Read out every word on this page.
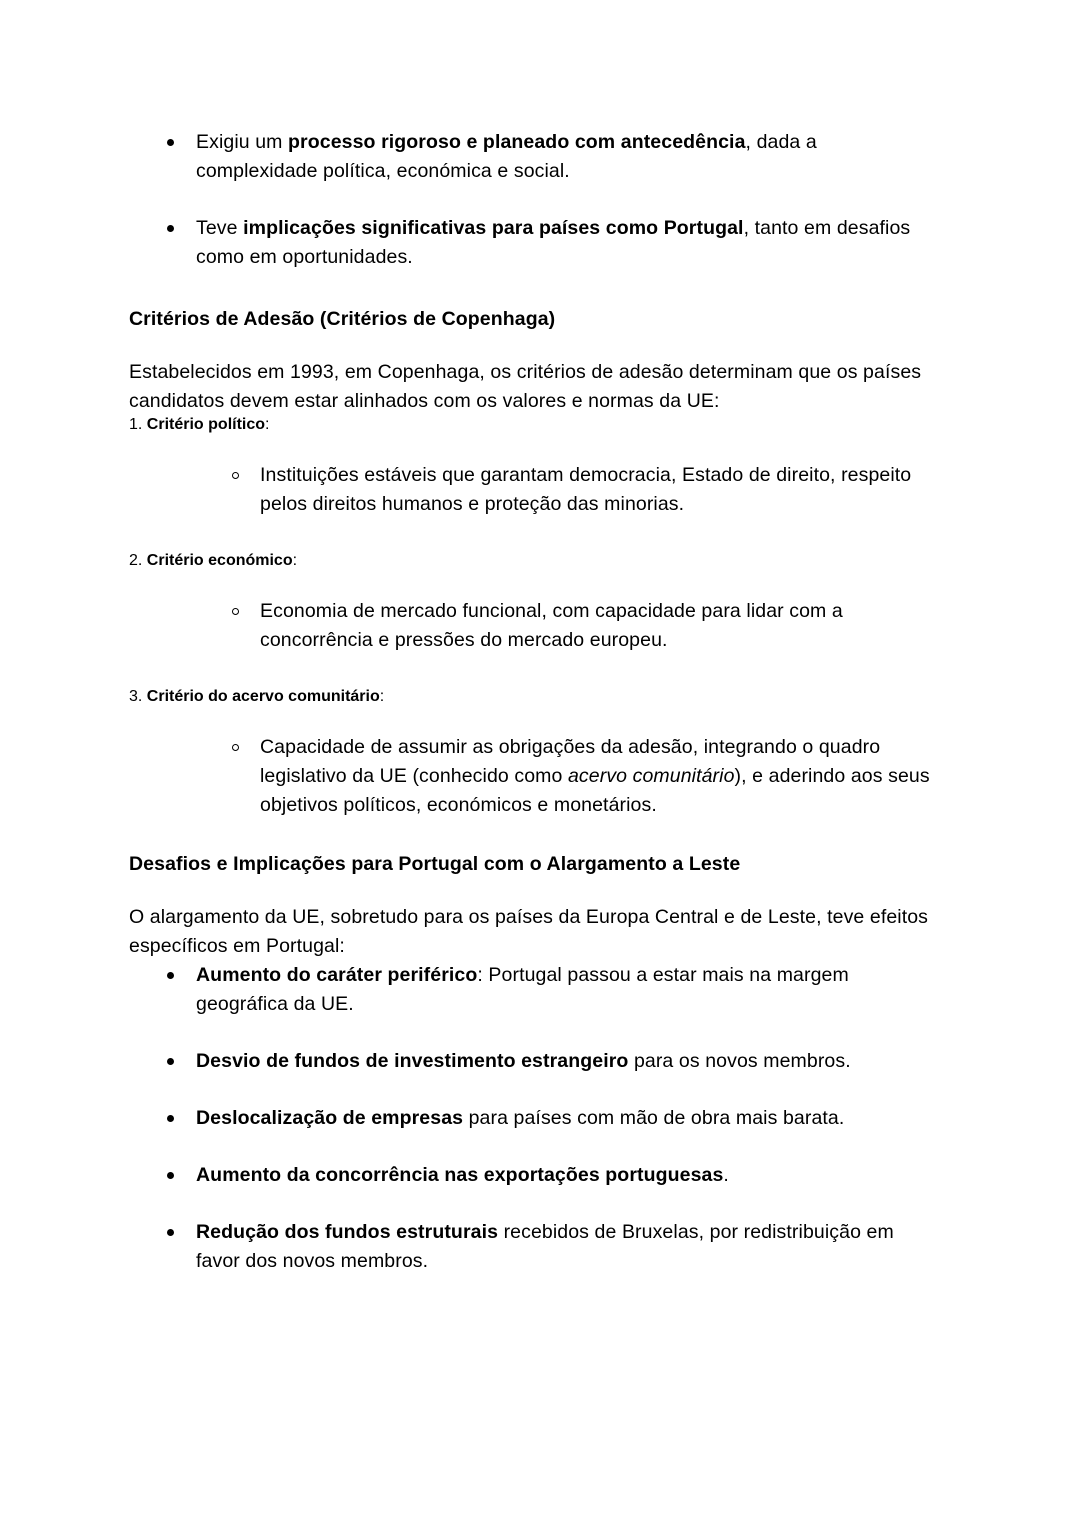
Exigiu um processo rigoroso e planeado com antecedência, dada a complexidade política, económica e social.
Teve implicações significativas para países como Portugal, tanto em desafios como em oportunidades.

Critérios de Adesão (Critérios de Copenhaga)

Estabelecidos em 1993, em Copenhaga, os critérios de adesão determinam que os países candidatos devem estar alinhados com os valores e normas da UE:

1. Critério político:
Instituições estáveis que garantam democracia, Estado de direito, respeito pelos direitos humanos e proteção das minorias.
2. Critério económico:
Economia de mercado funcional, com capacidade para lidar com a concorrência e pressões do mercado europeu.
3. Critério do acervo comunitário:
Capacidade de assumir as obrigações da adesão, integrando o quadro legislativo da UE (conhecido como acervo comunitário), e aderindo aos seus objetivos políticos, económicos e monetários.

Desafios e Implicações para Portugal com o Alargamento a Leste

O alargamento da UE, sobretudo para os países da Europa Central e de Leste, teve efeitos específicos em Portugal:

Aumento do caráter periférico: Portugal passou a estar mais na margem geográfica da UE.
Desvio de fundos de investimento estrangeiro para os novos membros.
Deslocalização de empresas para países com mão de obra mais barata.
Aumento da concorrência nas exportações portuguesas.
Redução dos fundos estruturais recebidos de Bruxelas, por redistribuição em favor dos novos membros.
